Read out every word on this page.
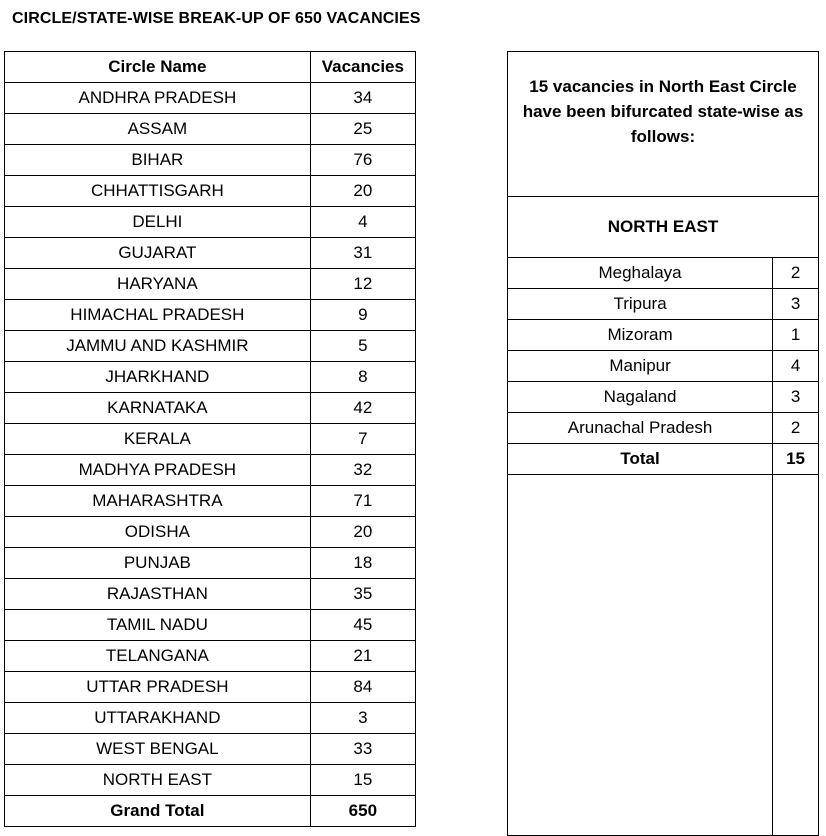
CIRCLE/STATE-WISE BREAK-UP OF 650 VACANCIES
Circle Name	Vacancies
ANDHRA PRADESH	34
ASSAM	25
BIHAR	76
CHHATTISGARH	20
DELHI	4
GUJARAT	31
HARYANA	12
HIMACHAL PRADESH	9
JAMMU AND KASHMIR	5
JHARKHAND	8
KARNATAKA	42
KERALA	7
MADHYA PRADESH	32
MAHARASHTRA	71
ODISHA	20
PUNJAB	18
RAJASTHAN	35
TAMIL NADU	45
TELANGANA	21
UTTAR PRADESH	84
UTTARAKHAND	3
WEST BENGAL	33
NORTH EAST	15
Grand Total	650
15 vacancies in North East Circle have been bifurcated state-wise as follows:	
NORTH EAST	
Meghalaya	2
Tripura	3
Mizoram	1
Manipur	4
Nagaland	3
Arunachal Pradesh	2
Total	15
